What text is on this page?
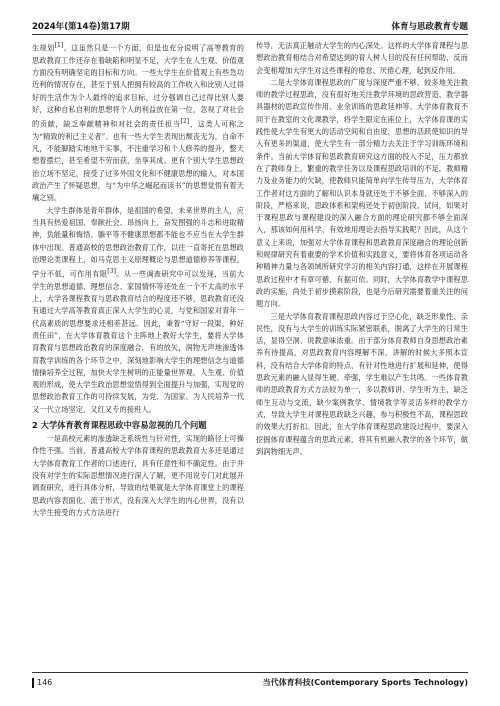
2024年(第14卷)第17期	体育与思政教育专题

生规划[1]。这虽然只是一个方面，但是也充分说明了高等教育的思政教育工作还存在着缺陷和明显不足，大学生在人生观、价值观方面没有明确坚定的目标和方向。一些大学生在价值观上有些急功近利的情况存在，甚至于别人把拥有较高的工作收入和比别人过得好的生活作为个人最终的追求目标，过分强调自己过得比别人要好，这种自私自利的思想将个人的利益放在第一位，忽视了对社会的贡献，缺乏奉献精神和对社会的责任担当[2]，这类人可称之为“精致的利己主义者”。也有一些大学生表现出颓丧无为，自命不凡，不能脚踏实地地干实事，不注重学习和个人修养的提升，整天想着摆烂，甚至希望不劳而获，坐享其成。更有个别大学生思想政治立场不坚定，接受了过多外国文化和不健康思想的输入，对本国政治产生了怀疑思想，与“为中华之崛起而读书”的思想觉悟有着天壤之别。

大学生群体是青年群体，是祖国的希望，未来世界的主人，应当具有热爱祖国、奉献社会、昂扬向上、奋发图强的斗志和进取精神，负能量和悔悟、躺平等不健康思想都不能也不应当在大学生群体中出现。普通高校的思想政治教育工作，以往一直寄托在思想政治理论类课程上，如马克思主义原理概论与思想道德修养等课程，学分不低，可作用有限[3]。从一些调查研究中可以发现，当前大学生的思想道德、理想信念、家国情怀等还处在一个不太高的水平上，大学各课程教育与思政教育结合的程度还不够，思政教育还没有通过大学高等教育真正深入大学生的心灵，与党和国家对青年一代高素质的思想要求还相差甚远。因此，秉着“守好一段渠，种好责任田”，在大学体育教育这个主阵地上教好大学生，要将大学体育教育与思想政治教育的深度融合，有的放矢，润物无声地渗透体育教学训练的各个环节之中，深刻地影响大学生的理想信念与道德情操培养全过程，加快大学生树明的正能量世界观、人生观、价值观的形成，使大学生政治思想觉悟得到全面提升与加强，实现党的思想政治教育工作的可持续发展，为党、为国家、为人民培养一代又一代立场坚定、又红又专的接班人。

2 大学体育教育课程思政中容易忽视的几个问题

一是高校元素的渗透缺乏系统性与针对性，实现的路径上可操作性不强。当前，普通高校大学体育课程的思政教育大多还是通过大学体育教育工作者的口述进行，具有任意性和不确定性。由于并没有对学生的实际思想情况进行深入了解，更不用说专门对此展开调查研究，进行具体分析，导致的结果就是大学体育课堂上的课程思政内容表面化、流于形式，没有深入大学生的内心世界，没有以大学生接受的方式方法进行

传导，无法真正触动大学生的内心深处。这样的大学体育课程与思想政治教育相结合对希望达到的育人树人目的没有任何帮助，反而会变相增加大学生对这些课程的倦怠、厌倦心理，起到反作用。

二是大学体育课程思政的广度与深度严重不够。较多地关注教师的教学过程思政，没有很好地关注教学环境的思政营造、教学器具器材的思政宣传作用、业余训练的思政延伸等。大学体育教育不同于在教室的文化课教学，将学生限定在座位上，大学体育课的实践性使大学生有更大的活动空间和自由度，思想的活跃使知识的导入有更多的渠道，使大学生有一部分精力去关注于学习训练环境和条件。当前大学体育和思政教育研究这方面的投入不足，压力都放在了教师身上，繁重的教学任务以及课程思政培训的不足，教师精力及业务能力的欠缺，使教师只能简单向学生传导压力，大学体育工作者对这方面的了解和认识本身就还处于不够全面、不够深入的阶段，严格来说，思政体系和架构还处于初创阶段。试问，如果对于课程思政与课程建设的深入融合方面的理论研究都不够全面深入，那该如何用科学、有效地用理论去指导实践呢？因此，从这个意义上来说，加强对大学体育课程和思政教育深度融合的理论创新和规律研究有着重要的学术价值和实践意义，要将体育各项运动各种精神力量与各领域所研究学习的相关内容打通，这样在开展课程思政过程中才有章可循、有据可依。同时，大学体育教学中课程思政的实施，尚处于初步摸索阶段，也是今后研究需要着重关注的问题方向。

三是大学体育教育课程思政内容过于空心化，缺乏形象性、亲民性，没有与大学生的训练实际紧密联系，脱离了大学生的日常生活，显得空洞、说教意味浓重。由于部分体育教师自身思想政治素养有待提高，对思政教育内容理解不深，讲解的时候大多照本宣科，没有结合大学体育的特点、有针对性地进行扩展和延伸，使得思政元素的融入显得生硬、牵强，学生难以产生共鸣。一些体育教师的思政教育方式方法较为单一，多以教师讲、学生听为主，缺乏师生互动与交流，缺少案例教学、情境教学等灵活多样的教学方式，导致大学生对课程思政缺乏兴趣，参与积极性不高，课程思政的效果大打折扣。因此，在大学体育课程思政建设过程中，要深入挖掘体育课程蕴含的思政元素，将其有机融入教学的各个环节，做到润物细无声。

146	当代体育科技(Contemporary Sports Technology)
